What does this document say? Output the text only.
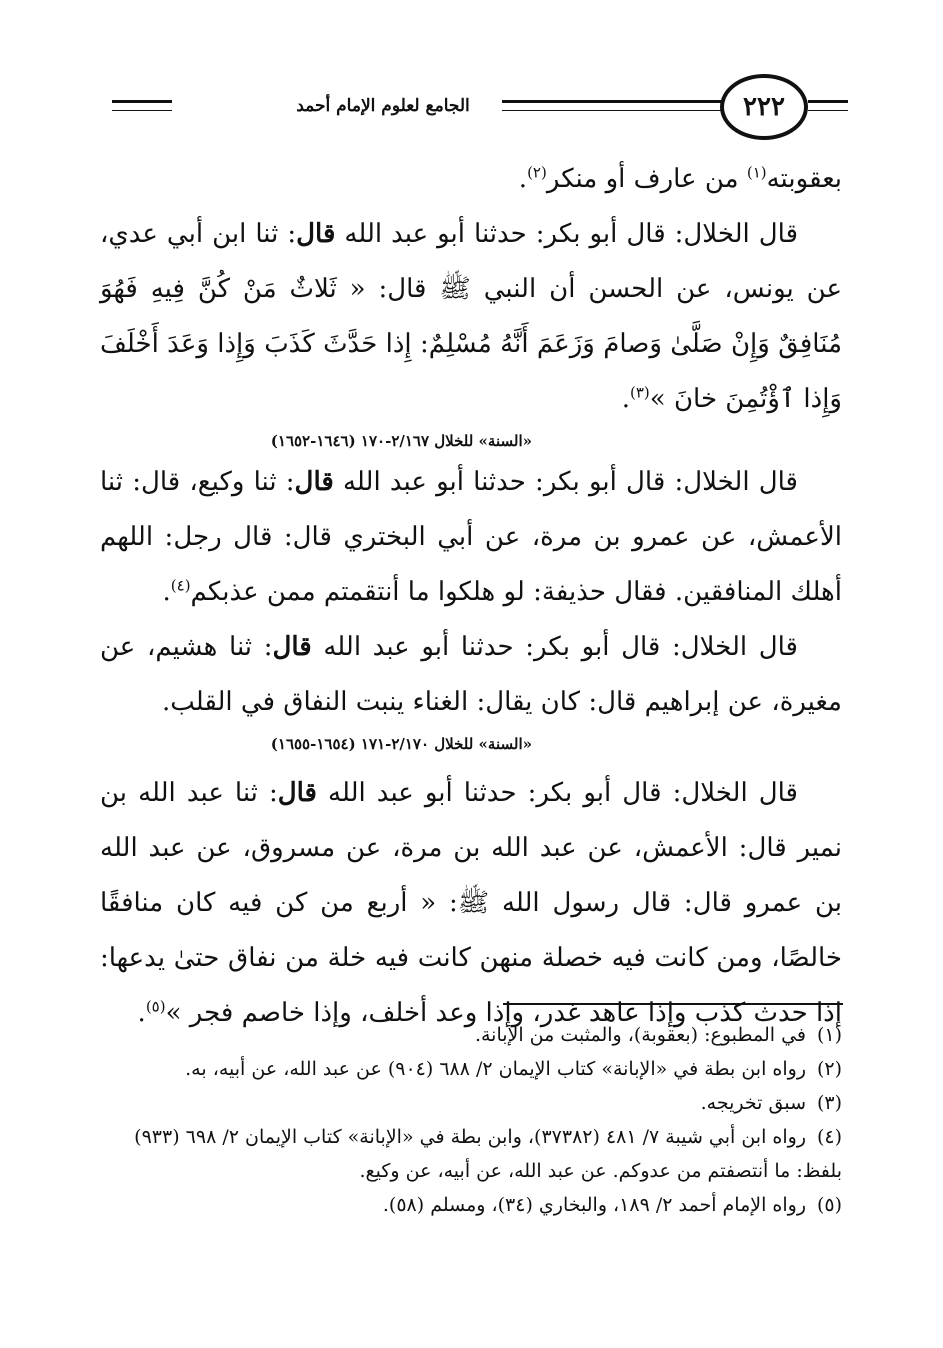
الجامع لعلوم الإمام أحمد	٢٢٢

بعقوبته$^{(١)}$ من عارف أو منكر$^{(٢)}$.

قال الخلال: قال أبو بكر: حدثنا أبو عبد الله قال: ثنا ابن أبي عدي، عن يونس، عن الحسن أن النبي ﷺ قال: « ثَلاثٌ مَنْ كُنَّ فِيهِ فَهُوَ مُنَافِقٌ وَإِنْ صَلَّىٰ وَصامَ وَزَعَمَ أَنَّهُ مُسْلِمٌ: إِذا حَدَّثَ كَذَبَ وَإِذا وَعَدَ أَخْلَفَ وَإِذا ٱؤْتُمِنَ خانَ »$^{(٣)}$.

«السنة» للخلال ٢/١٦٧-١٧٠ (١٦٤٦-١٦٥٢)

قال الخلال: قال أبو بكر: حدثنا أبو عبد الله قال: ثنا وكيع، قال: ثنا الأعمش، عن عمرو بن مرة، عن أبي البختري قال: قال رجل: اللهم أهلك المنافقين. فقال حذيفة: لو هلكوا ما أنتقمتم ممن عذبكم$^{(٤)}$.

قال الخلال: قال أبو بكر: حدثنا أبو عبد الله قال: ثنا هشيم، عن مغيرة، عن إبراهيم قال: كان يقال: الغناء ينبت النفاق في القلب.

«السنة» للخلال ٢/١٧٠-١٧١ (١٦٥٤-١٦٥٥)

قال الخلال: قال أبو بكر: حدثنا أبو عبد الله قال: ثنا عبد الله بن نمير قال: الأعمش، عن عبد الله بن مرة، عن مسروق، عن عبد الله بن عمرو قال: قال رسول الله ﷺ: « أربع من كن فيه كان منافقًا خالصًا، ومن كانت فيه خصلة منهن كانت فيه خلة من نفاق حتىٰ يدعها: إذا حدث كذب وإذا عاهد غدر، وإذا وعد أخلف، وإذا خاصم فجر »$^{(٥)}$.

(١)في المطبوع: (بعقوبة)، والمثبت من الإبانة.

(٢)رواه ابن بطة في «الإبانة» كتاب الإيمان ٢/ ٦٨٨ (٩٠٤) عن عبد الله، عن أبيه، به.

(٣)سبق تخريجه.

(٤)رواه ابن أبي شيبة ٧/ ٤٨١ (٣٧٣٨٢)، وابن بطة في «الإبانة» كتاب الإيمان ٢/ ٦٩٨ (٩٣٣) بلفظ: ما أنتصفتم من عدوكم. عن عبد الله، عن أبيه، عن وكيع.

(٥)رواه الإمام أحمد ٢/ ١٨٩، والبخاري (٣٤)، ومسلم (٥٨).
